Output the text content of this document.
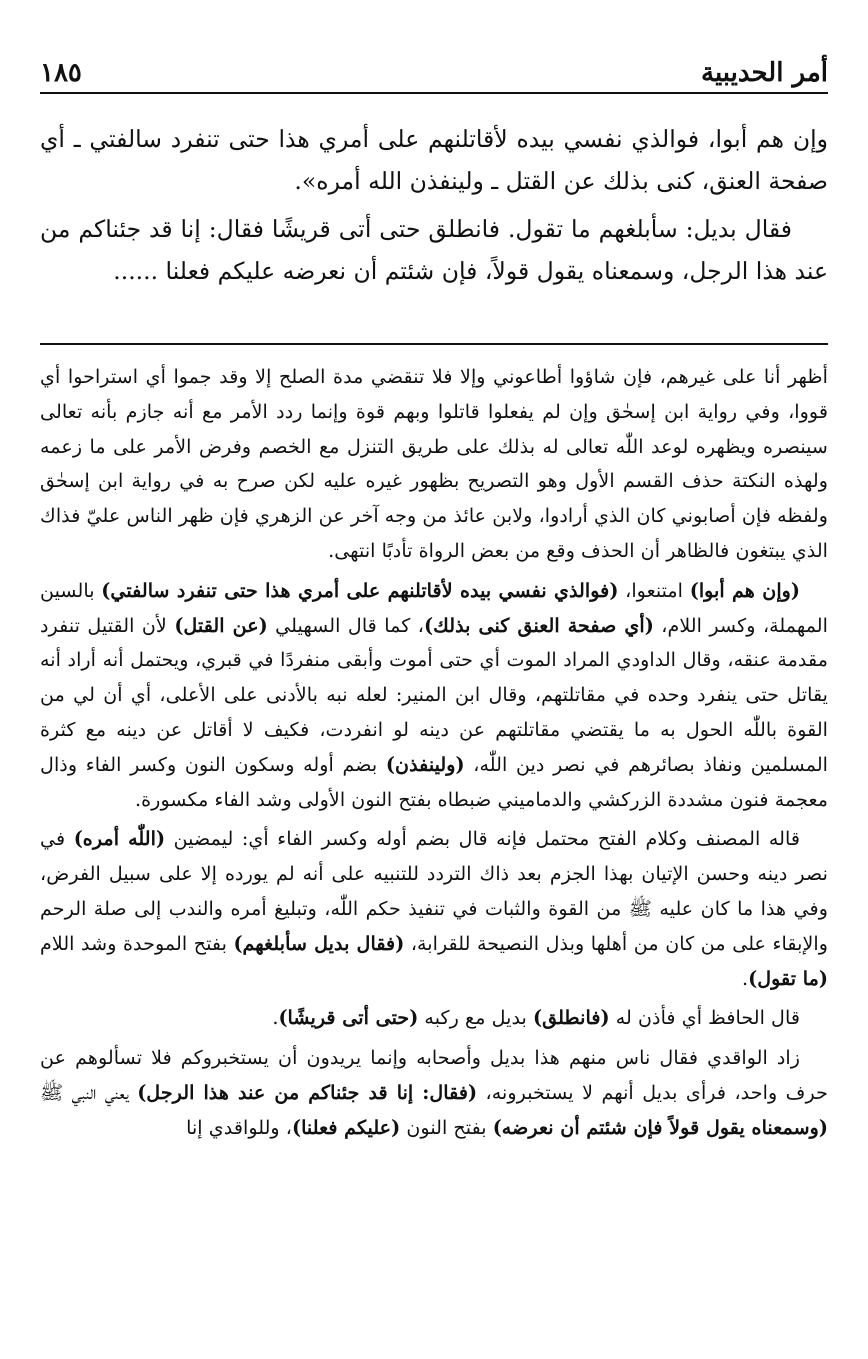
أمر الحديبية
١٨٥

وإن هم أبوا، فوالذي نفسي بيده لأقاتلنهم على أمري هذا حتى تنفرد سالفتي ـ أي صفحة العنق، كنى بذلك عن القتل ـ ولينفذن الله أمره».

فقال بديل: سأبلغهم ما تقول. فانطلق حتى أتى قريشًا فقال: إنا قد جئناكم من عند هذا الرجل، وسمعناه يقول قولاً، فإن شئتم أن نعرضه عليكم فعلنا ......

أظهر أنا على غيرهم، فإن شاؤوا أطاعوني وإلا فلا تنقضي مدة الصلح إلا وقد جموا أي استراحوا أي قووا، وفي رواية ابن إسحٰق وإن لم يفعلوا قاتلوا وبهم قوة وإنما ردد الأمر مع أنه جازم بأنه تعالى سينصره ويظهره لوعد اللّٰه تعالى له بذلك على طريق التنزل مع الخصم وفرض الأمر على ما زعمه ولهذه النكتة حذف القسم الأول وهو التصريح بظهور غيره عليه لكن صرح به في رواية ابن إسحٰق ولفظه فإن أصابوني كان الذي أرادوا، ولابن عائذ من وجه آخر عن الزهري فإن ظهر الناس عليّ فذاك الذي يبتغون فالظاهر أن الحذف وقع من بعض الرواة تأدبًا انتهى.

(وإن هم أبوا) امتنعوا، (فوالذي نفسي بيده لأقاتلنهم على أمري هذا حتى تنفرد سالفتي) بالسين المهملة، وكسر اللام، (أي صفحة العنق كنى بذلك)، كما قال السهيلي (عن القتل) لأن القتيل تنفرد مقدمة عنقه، وقال الداودي المراد الموت أي حتى أموت وأبقى منفردًا في قبري، ويحتمل أنه أراد أنه يقاتل حتى ينفرد وحده في مقاتلتهم، وقال ابن المنير: لعله نبه بالأدنى على الأعلى، أي أن لي من القوة باللّٰه الحول به ما يقتضي مقاتلتهم عن دينه لو انفردت، فكيف لا أقاتل عن دينه مع كثرة المسلمين ونفاذ بصائرهم في نصر دين اللّٰه، (ولينفذن) بضم أوله وسكون النون وكسر الفاء وذال معجمة فنون مشددة الزركشي والدماميني ضبطاه بفتح النون الأولى وشد الفاء مكسورة.

قاله المصنف وكلام الفتح محتمل فإنه قال بضم أوله وكسر الفاء أي: ليمضين (اللّٰه أمره) في نصر دينه وحسن الإتيان بهذا الجزم بعد ذاك التردد للتنبيه على أنه لم يورده إلا على سبيل الفرض، وفي هذا ما كان عليه ﷺ من القوة والثبات في تنفيذ حكم اللّٰه، وتبليغ أمره والندب إلى صلة الرحم والإبقاء على من كان من أهلها وبذل النصيحة للقرابة، (فقال بديل سأبلغهم) بفتح الموحدة وشد اللام (ما تقول).

قال الحافظ أي فأذن له (فانطلق) بديل مع ركبه (حتى أتى قريشًا).

زاد الواقدي فقال ناس منهم هذا بديل وأصحابه وإنما يريدون أن يستخبروكم فلا تسألوهم عن حرف واحد، فرأى بديل أنهم لا يستخبرونه، (فقال: إنا قد جئناكم من عند هذا الرجل) يعني النبي ﷺ (وسمعناه يقول قولاً فإن شئتم أن نعرضه) بفتح النون (عليكم فعلنا)، وللواقدي إنا
